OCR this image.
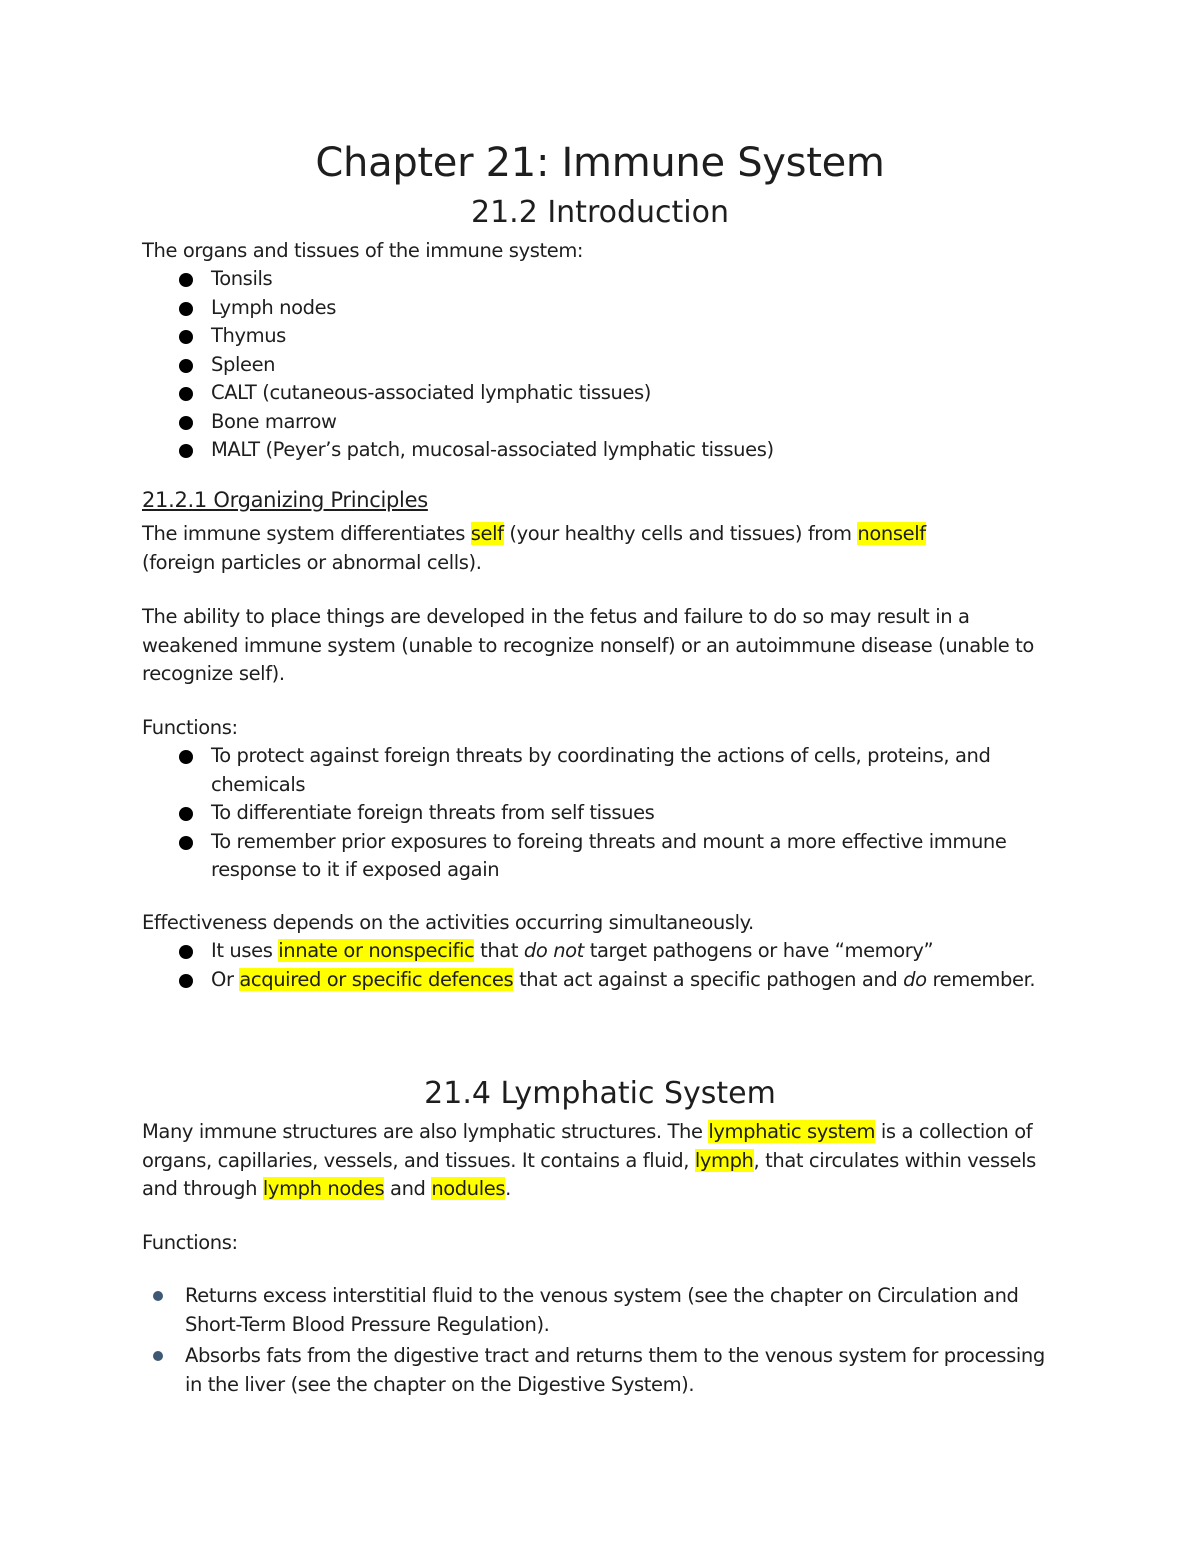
Chapter 21: Immune System
21.2 Introduction

The organs and tissues of the immune system:

Tonsils
Lymph nodes
Thymus
Spleen
CALT (cutaneous-associated lymphatic tissues)
Bone marrow
MALT (Peyer’s patch, mucosal-associated lymphatic tissues)
21.2.1 Organizing Principles

The immune system differentiates self (your healthy cells and tissues) from nonself
(foreign particles or abnormal cells).

The ability to place things are developed in the fetus and failure to do so may result in a weakened immune system (unable to recognize nonself) or an autoimmune disease (unable to recognize self).

Functions:

To protect against foreign threats by coordinating the actions of cells, proteins, and chemicals
To differentiate foreign threats from self tissues
To remember prior exposures to foreing threats and mount a more effective immune response to it if exposed again

Effectiveness depends on the activities occurring simultaneously.

It uses innate or nonspecific that do not target pathogens or have “memory”
Or acquired or specific defences that act against a specific pathogen and do remember.
21.4 Lymphatic System

Many immune structures are also lymphatic structures. The lymphatic system is a collection of organs, capillaries, vessels, and tissues. It contains a fluid, lymph, that circulates within vessels and through lymph nodes and nodules.

Functions:

Returns excess interstitial fluid to the venous system (see the chapter on Circulation and Short-Term Blood Pressure Regulation).
Absorbs fats from the digestive tract and returns them to the venous system for processing in the liver (see the chapter on the Digestive System).
